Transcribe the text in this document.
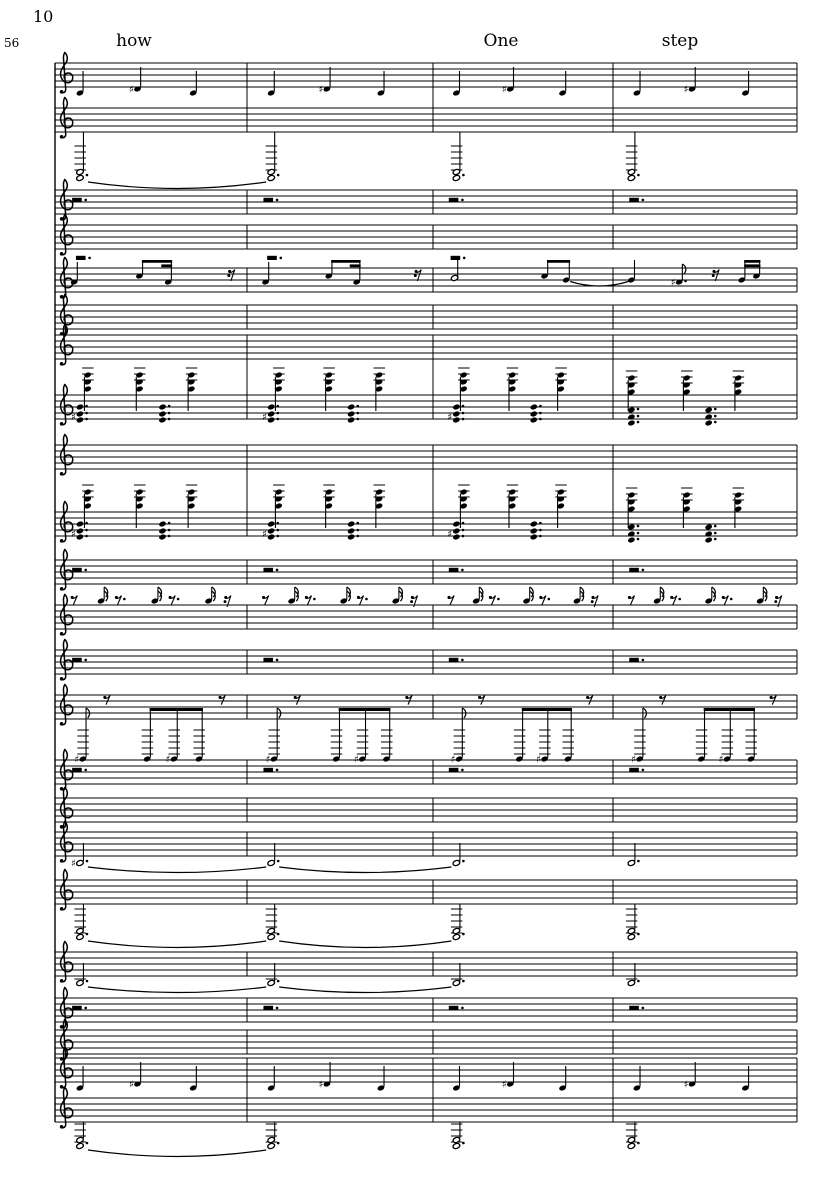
10
56
♯	♯	♯	♯
♯
♯	♯	♯
♯	♯	♯
♯	♯	♯	♯	♯	♯	♯	♯
♯
♯	♯	♯	♯
how	One	step
